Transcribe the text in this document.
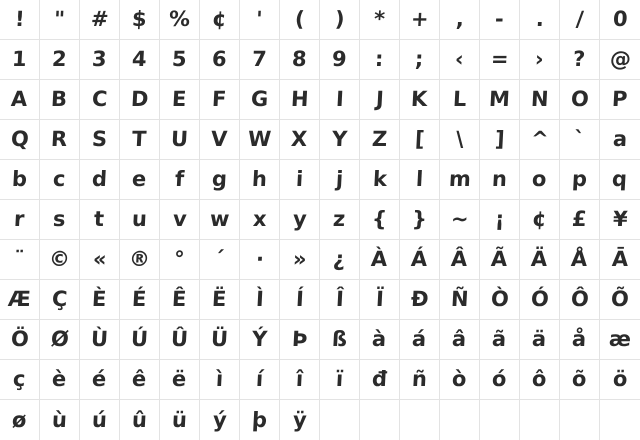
! " # $ % ¢ ' ( ) * + , - . / 0
1 2 3 4 5 6 7 8 9 : ; ‹ = › ? @
A B C D E F G H I J K L M N O P
Q R S T U V W X Y Z [ \ ] ^ ` a
b c d e f g h i j k l m n o p q
r s t u v w x y z { } ~ ¡ ¢ £ ¥
¨ © « ® ° ´ · » ¿ À Á Â Ã Ä Å Ā
Æ Ç È É Ê Ë Ì Í Î Ï Ð Ñ Ò Ó Ô Õ
Ö Ø Ù Ú Û Ü Ý Þ ß à á â ã ä å æ
ç è é ê ë ì í î ï đ ñ ò ó ô õ ö
ø ù ú û ü ý þ ÿ
